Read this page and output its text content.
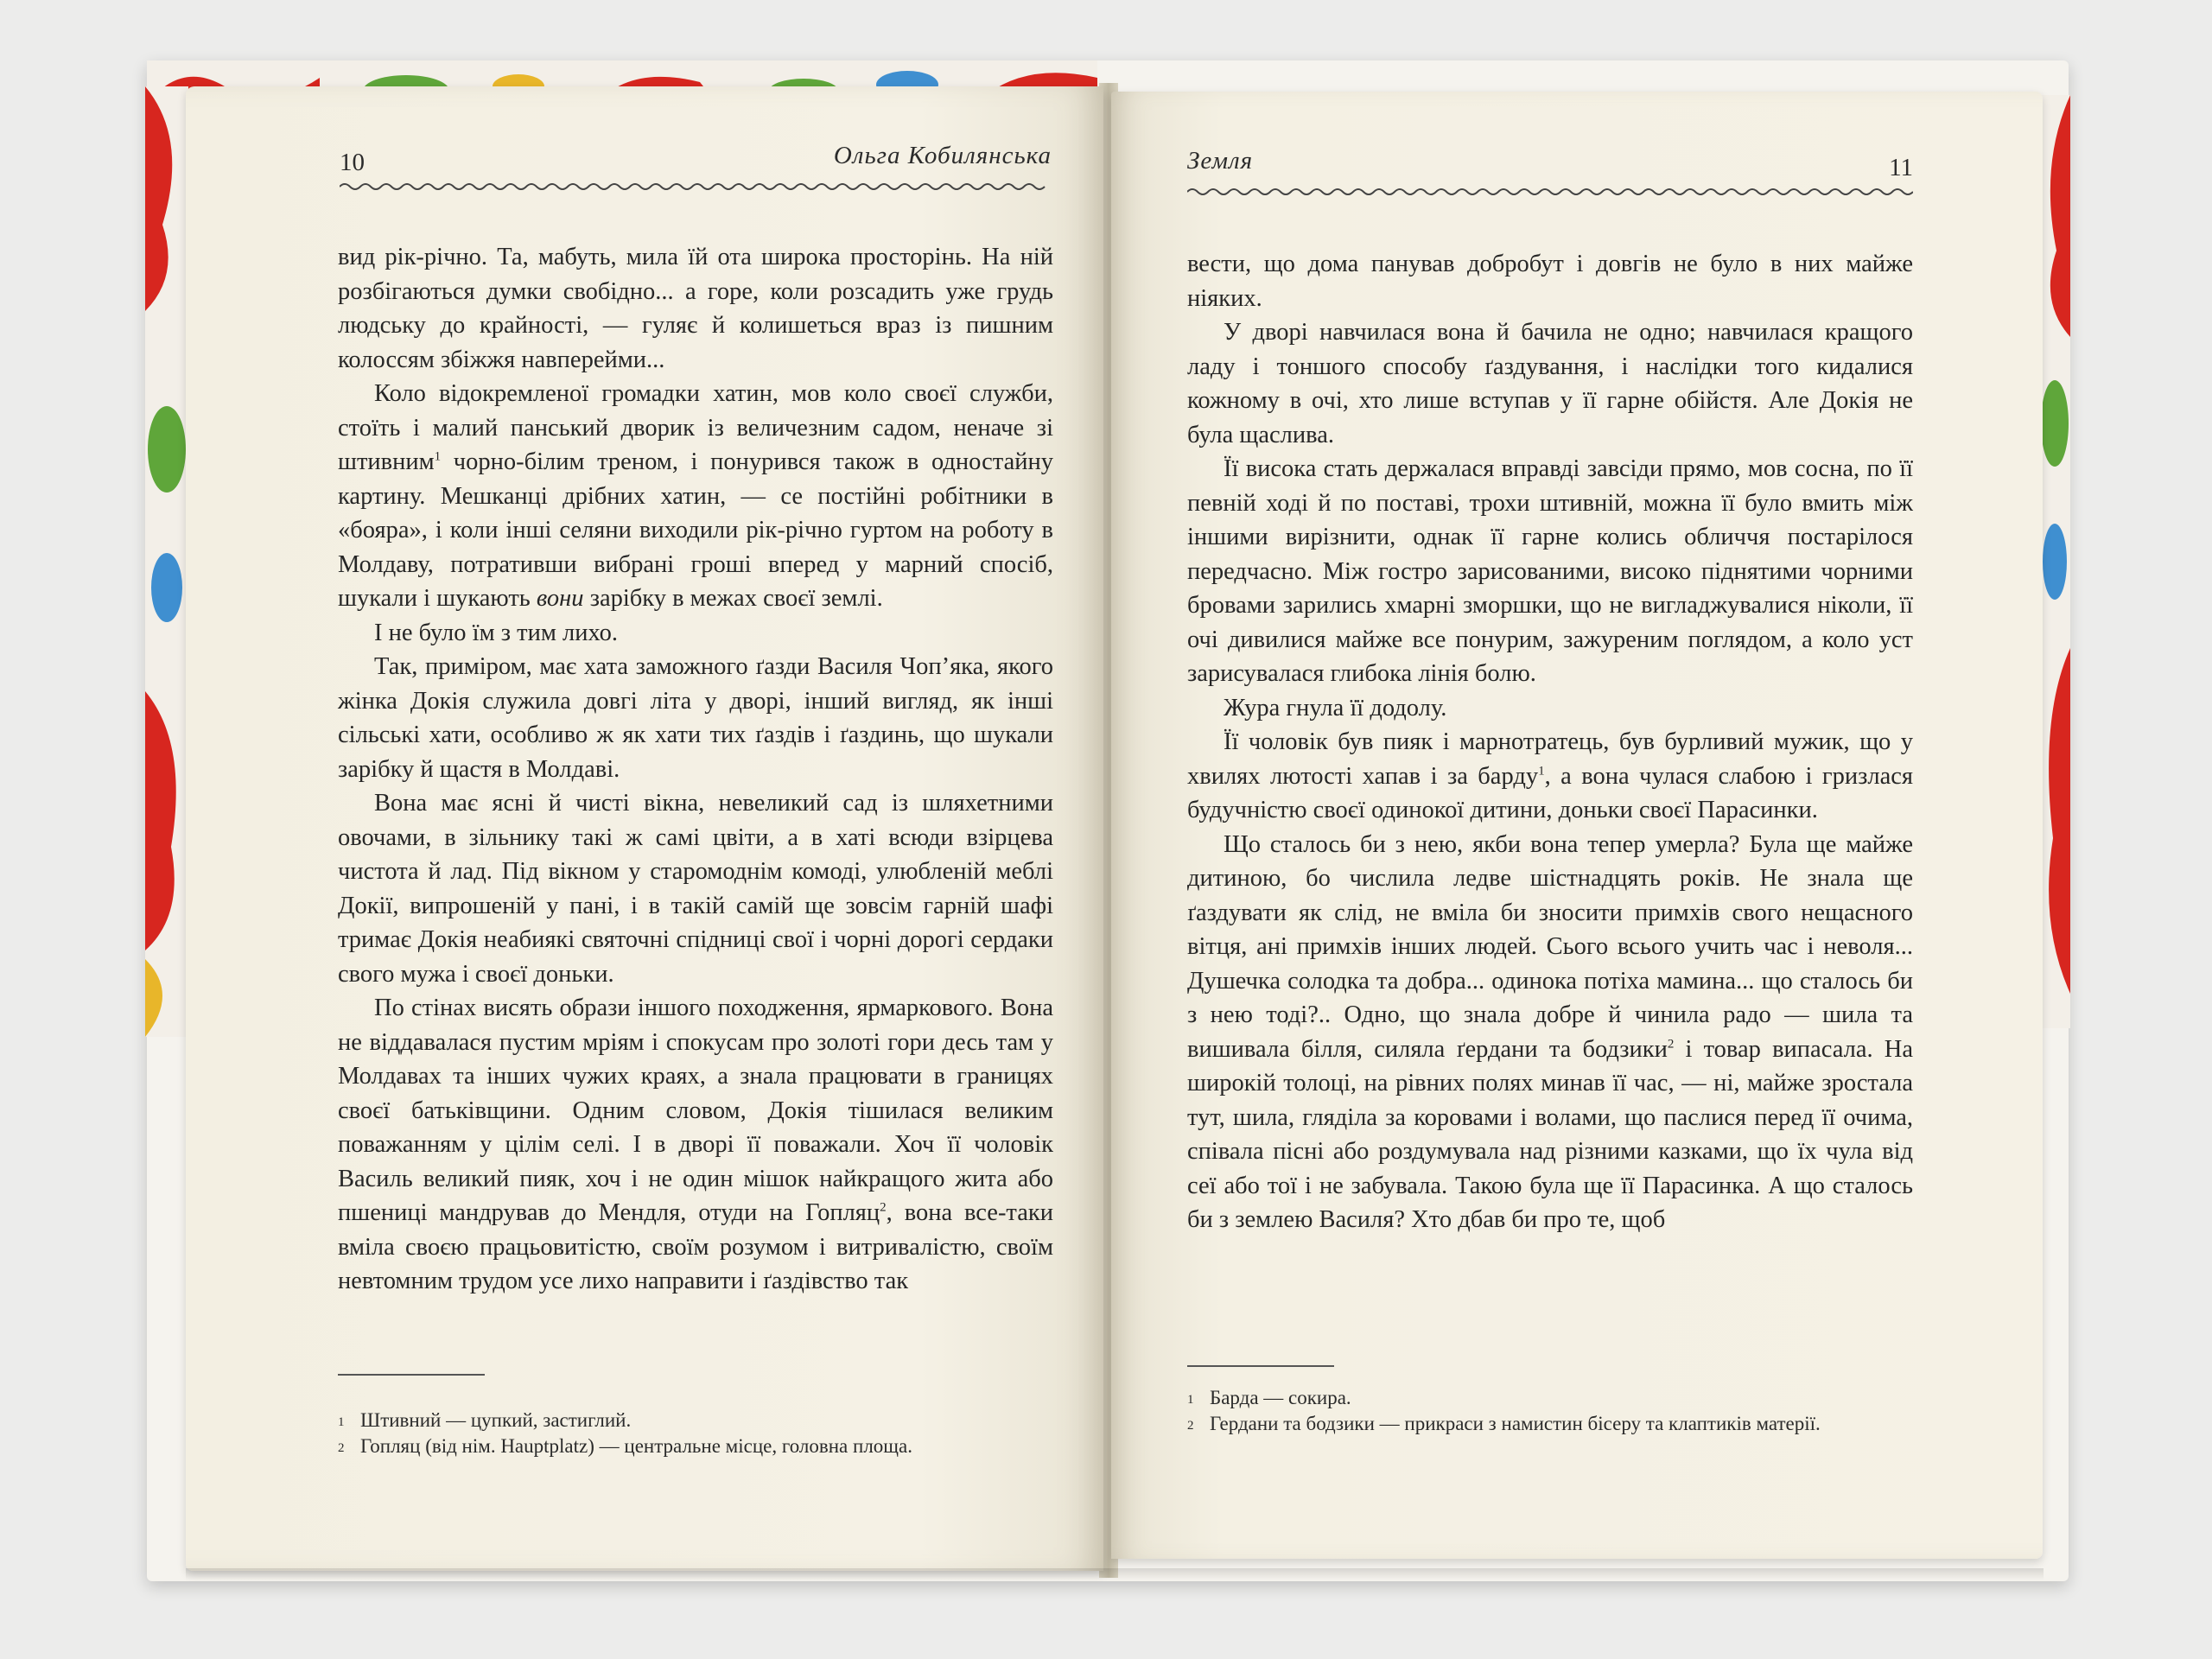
10	Ольга Кобилянська

вид рік-річно. Та, мабуть, мила їй ота широка просторінь. На ній розбігаються думки свобідно... а горе, коли розсадить уже грудь людську до крайності, — гуляє й колишеться враз із пишним колоссям збіжжя навперейми...

Коло відокремленої громадки хатин, мов коло своєї служби, стоїть і малий панський дворик із величезним садом, неначе зі штивним$^1$ чорно-білим треном, і понурився також в одностайну картину. Мешканці дрібних хатин, — се постійні робітники в «бояра», і коли інші селяни виходили рік-річно гуртом на роботу в Молдаву, потративши вибрані гроші вперед у марний спосіб, шукали і шукають вони зарібку в межах своєї землі.

І не було їм з тим лихо.

Так, приміром, має хата заможного ґазди Василя Чоп’яка, якого жінка Докія служила довгі літа у дворі, інший вигляд, як інші сільські хати, особливо ж як хати тих ґаздів і ґаздинь, що шукали зарібку й щастя в Молдаві.

Вона має ясні й чисті вікна, невеликий сад із шляхетними овочами, в зільнику такі ж самі цвіти, а в хаті всюди взірцева чистота й лад. Під вікном у старомоднім комоді, улюбленій меблі Докії, випрошеній у пані, і в такій самій ще зовсім гарній шафі тримає Докія неабиякі святочні спідниці свої і чорні дорогі сердаки свого мужа і своєї доньки.

По стінах висять образи іншого походження, ярмаркового. Вона не віддавалася пустим мріям і спокусам про золоті гори десь там у Молдавах та інших чужих краях, а знала працювати в границях своєї батьківщини. Одним словом, Докія тішилася великим поважанням у цілім селі. І в дворі її поважали. Хоч її чоловік Василь великий пияк, хоч і не один мішок найкращого жита або пшениці мандрував до Мендля, отуди на Гопляц$^2$, вона все-таки вміла своєю працьовитістю, своїм розумом і витривалістю, своїм невтомним трудом усе лихо направити і ґаздівство так

1 Штивний — цупкий, застиглий.
2 Гопляц (від нім. Hauptplatz) — центральне місце, головна площа.
Земля	11

вести, що дома панував добробут і довгів не було в них майже ніяких.

У дворі навчилася вона й бачила не одно; навчилася кращого ладу і тоншого способу ґаздування, і наслідки того кидалися кожному в очі, хто лише вступав у її гарне обійстя. Але Докія не була щаслива.

Її висока стать держалася вправді завсіди прямо, мов сосна, по її певній ході й по поставі, трохи штивній, можна її було вмить між іншими вирізнити, однак її гарне колись обличчя постарілося передчасно. Між гостро зарисованими, високо піднятими чорними бровами зарились хмарні зморшки, що не вигладжувалися ніколи, її очі дивилися майже все понурим, зажуреним поглядом, а коло уст зарисувалася глибока лінія болю.

Жура гнула її додолу.

Її чоловік був пияк і марнотратець, був бурливий мужик, що у хвилях лютості хапав і за барду$^1$, а вона чулася слабою і гризлася будучністю своєї одинокої дитини, доньки своєї Парасинки.

Що сталось би з нею, якби вона тепер умерла? Була ще майже дитиною, бо числила ледве шістнадцять років. Не знала ще ґаздувати як слід, не вміла би зносити примхів свого нещасного вітця, ані примхів інших людей. Сього всього учить час і неволя... Душечка солодка та добра... одинока потіха мамина... що сталось би з нею тоді?.. Одно, що знала добре й чинила радо — шила та вишивала білля, силяла ґердани та бодзики$^2$ і товар випасала. На широкій толоці, на рівних полях минав її час, — ні, майже зростала тут, шила, гляділа за коровами і волами, що паслися перед її очима, співала пісні або роздумувала над різними казками, що їх чула від сеї або тої і не забувала. Такою була ще її Парасинка. А що сталось би з землею Василя? Хто дбав би про те, щоб

1 Барда — сокира.
2 Гердани та бодзики — прикраси з намистин бісеру та клаптиків матерії.
